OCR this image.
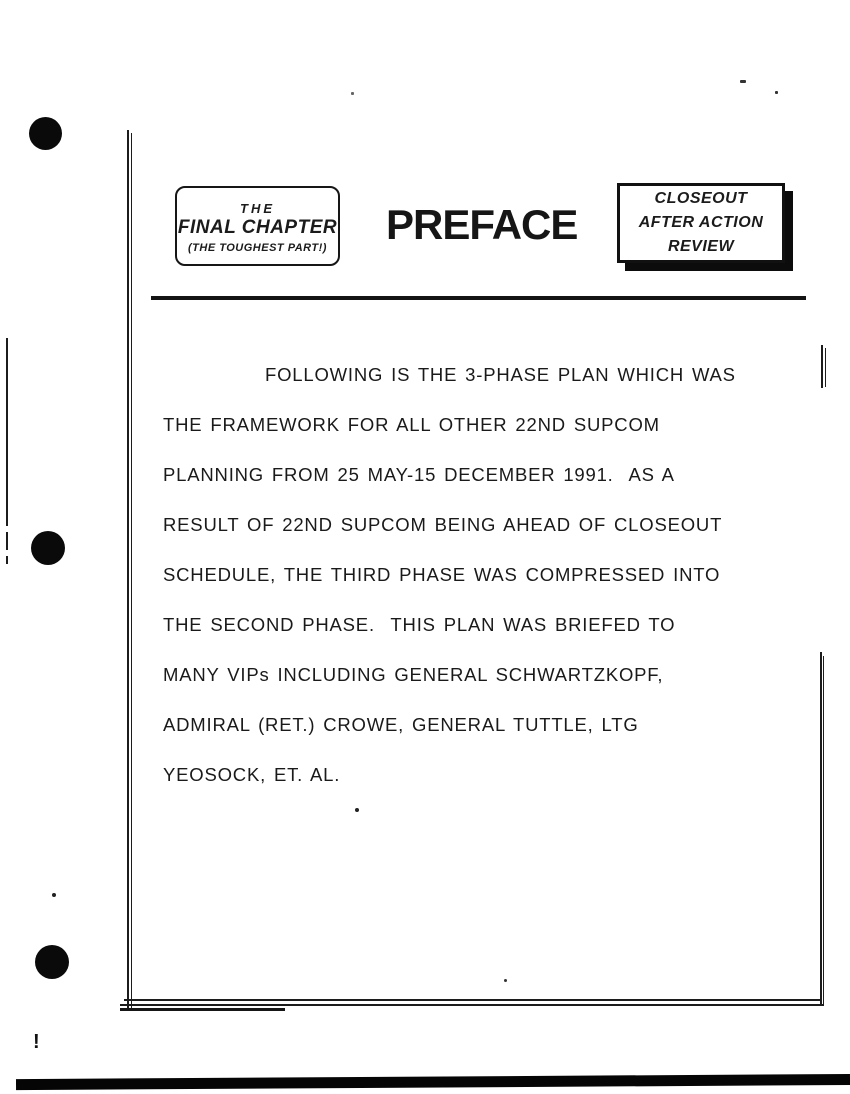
THE
FINAL CHAPTER
(THE TOUGHEST PART!) PREFACE
CLOSEOUT
AFTER ACTION
REVIEW
FOLLOWING IS THE 3-PHASE PLAN WHICH WAS
THE FRAMEWORK FOR ALL OTHER 22ND SUPCOM
PLANNING FROM 25 MAY-15 DECEMBER 1991.  AS A
RESULT OF 22ND SUPCOM BEING AHEAD OF CLOSEOUT
SCHEDULE, THE THIRD PHASE WAS COMPRESSED INTO
THE SECOND PHASE.  THIS PLAN WAS BRIEFED TO
MANY VIPs INCLUDING GENERAL SCHWARTZKOPF,
ADMIRAL (RET.) CROWE, GENERAL TUTTLE, LTG
YEOSOCK, ET. AL.
!
